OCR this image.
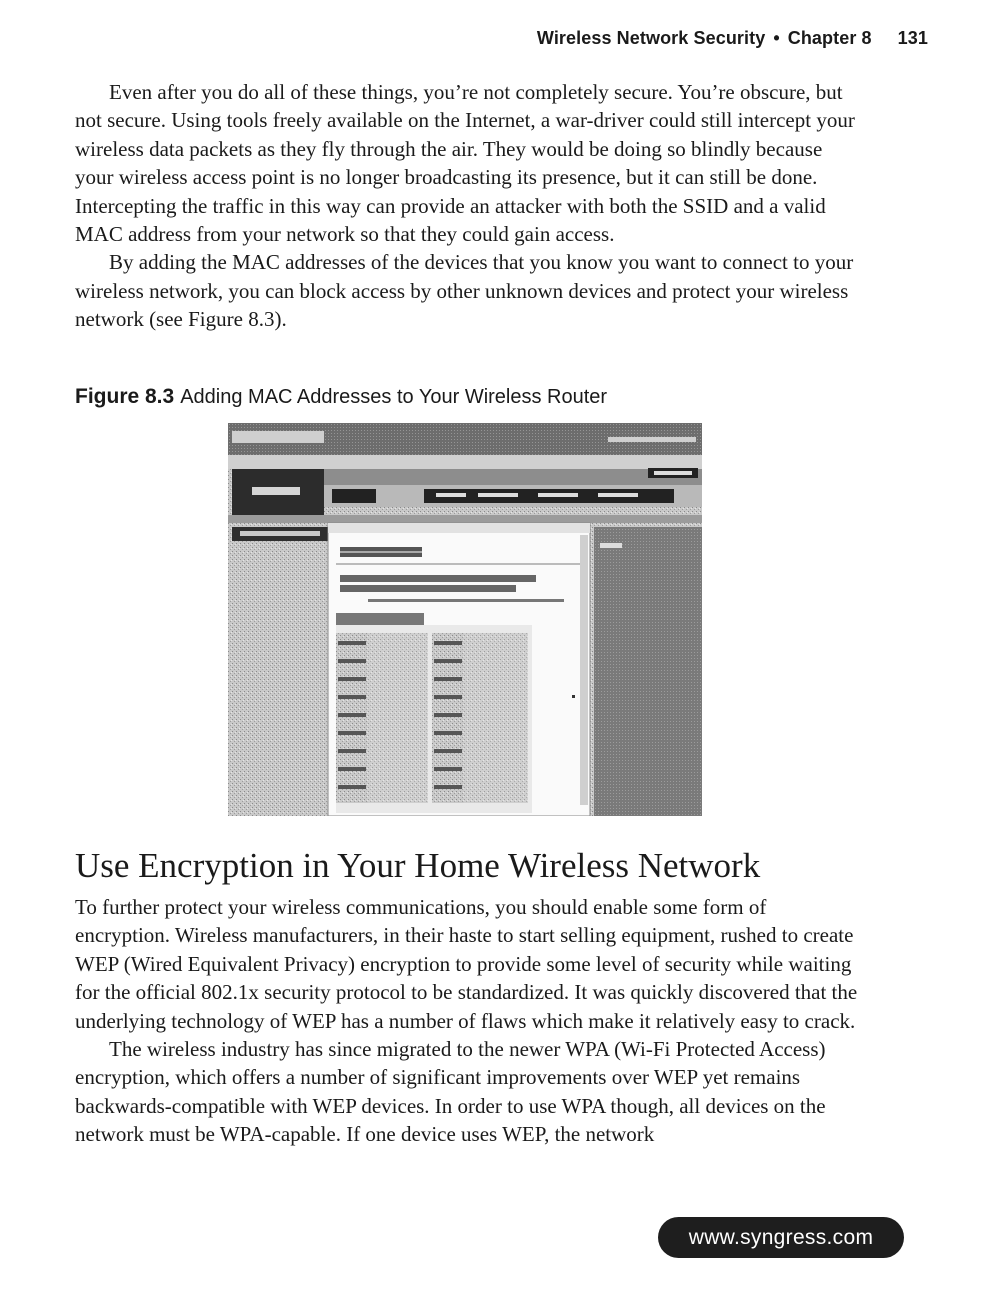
Wireless Network Security • Chapter 8 131

Even after you do all of these things, you’re not completely secure. You’re obscure, but not secure. Using tools freely available on the Internet, a war-driver could still intercept your wireless data packets as they fly through the air. They would be doing so blindly because your wireless access point is no longer broadcasting its presence, but it can still be done. Intercepting the traffic in this way can provide an attacker with both the SSID and a valid MAC address from your network so that they could gain access.

By adding the MAC addresses of the devices that you know you want to connect to your wireless network, you can block access by other unknown devices and protect your wireless network (see Figure 8.3).

Figure 8.3 Adding MAC Addresses to Your Wireless Router
Use Encryption in Your Home Wireless Network

To further protect your wireless communications, you should enable some form of encryption. Wireless manufacturers, in their haste to start selling equipment, rushed to create WEP (Wired Equivalent Privacy) encryption to provide some level of security while waiting for the official 802.1x security protocol to be standardized. It was quickly discovered that the underlying technology of WEP has a number of flaws which make it relatively easy to crack.

The wireless industry has since migrated to the newer WPA (Wi-Fi Protected Access) encryption, which offers a number of significant improvements over WEP yet remains backwards-compatible with WEP devices. In order to use WPA though, all devices on the network must be WPA-capable. If one device uses WEP, the network

www.syngress.com
